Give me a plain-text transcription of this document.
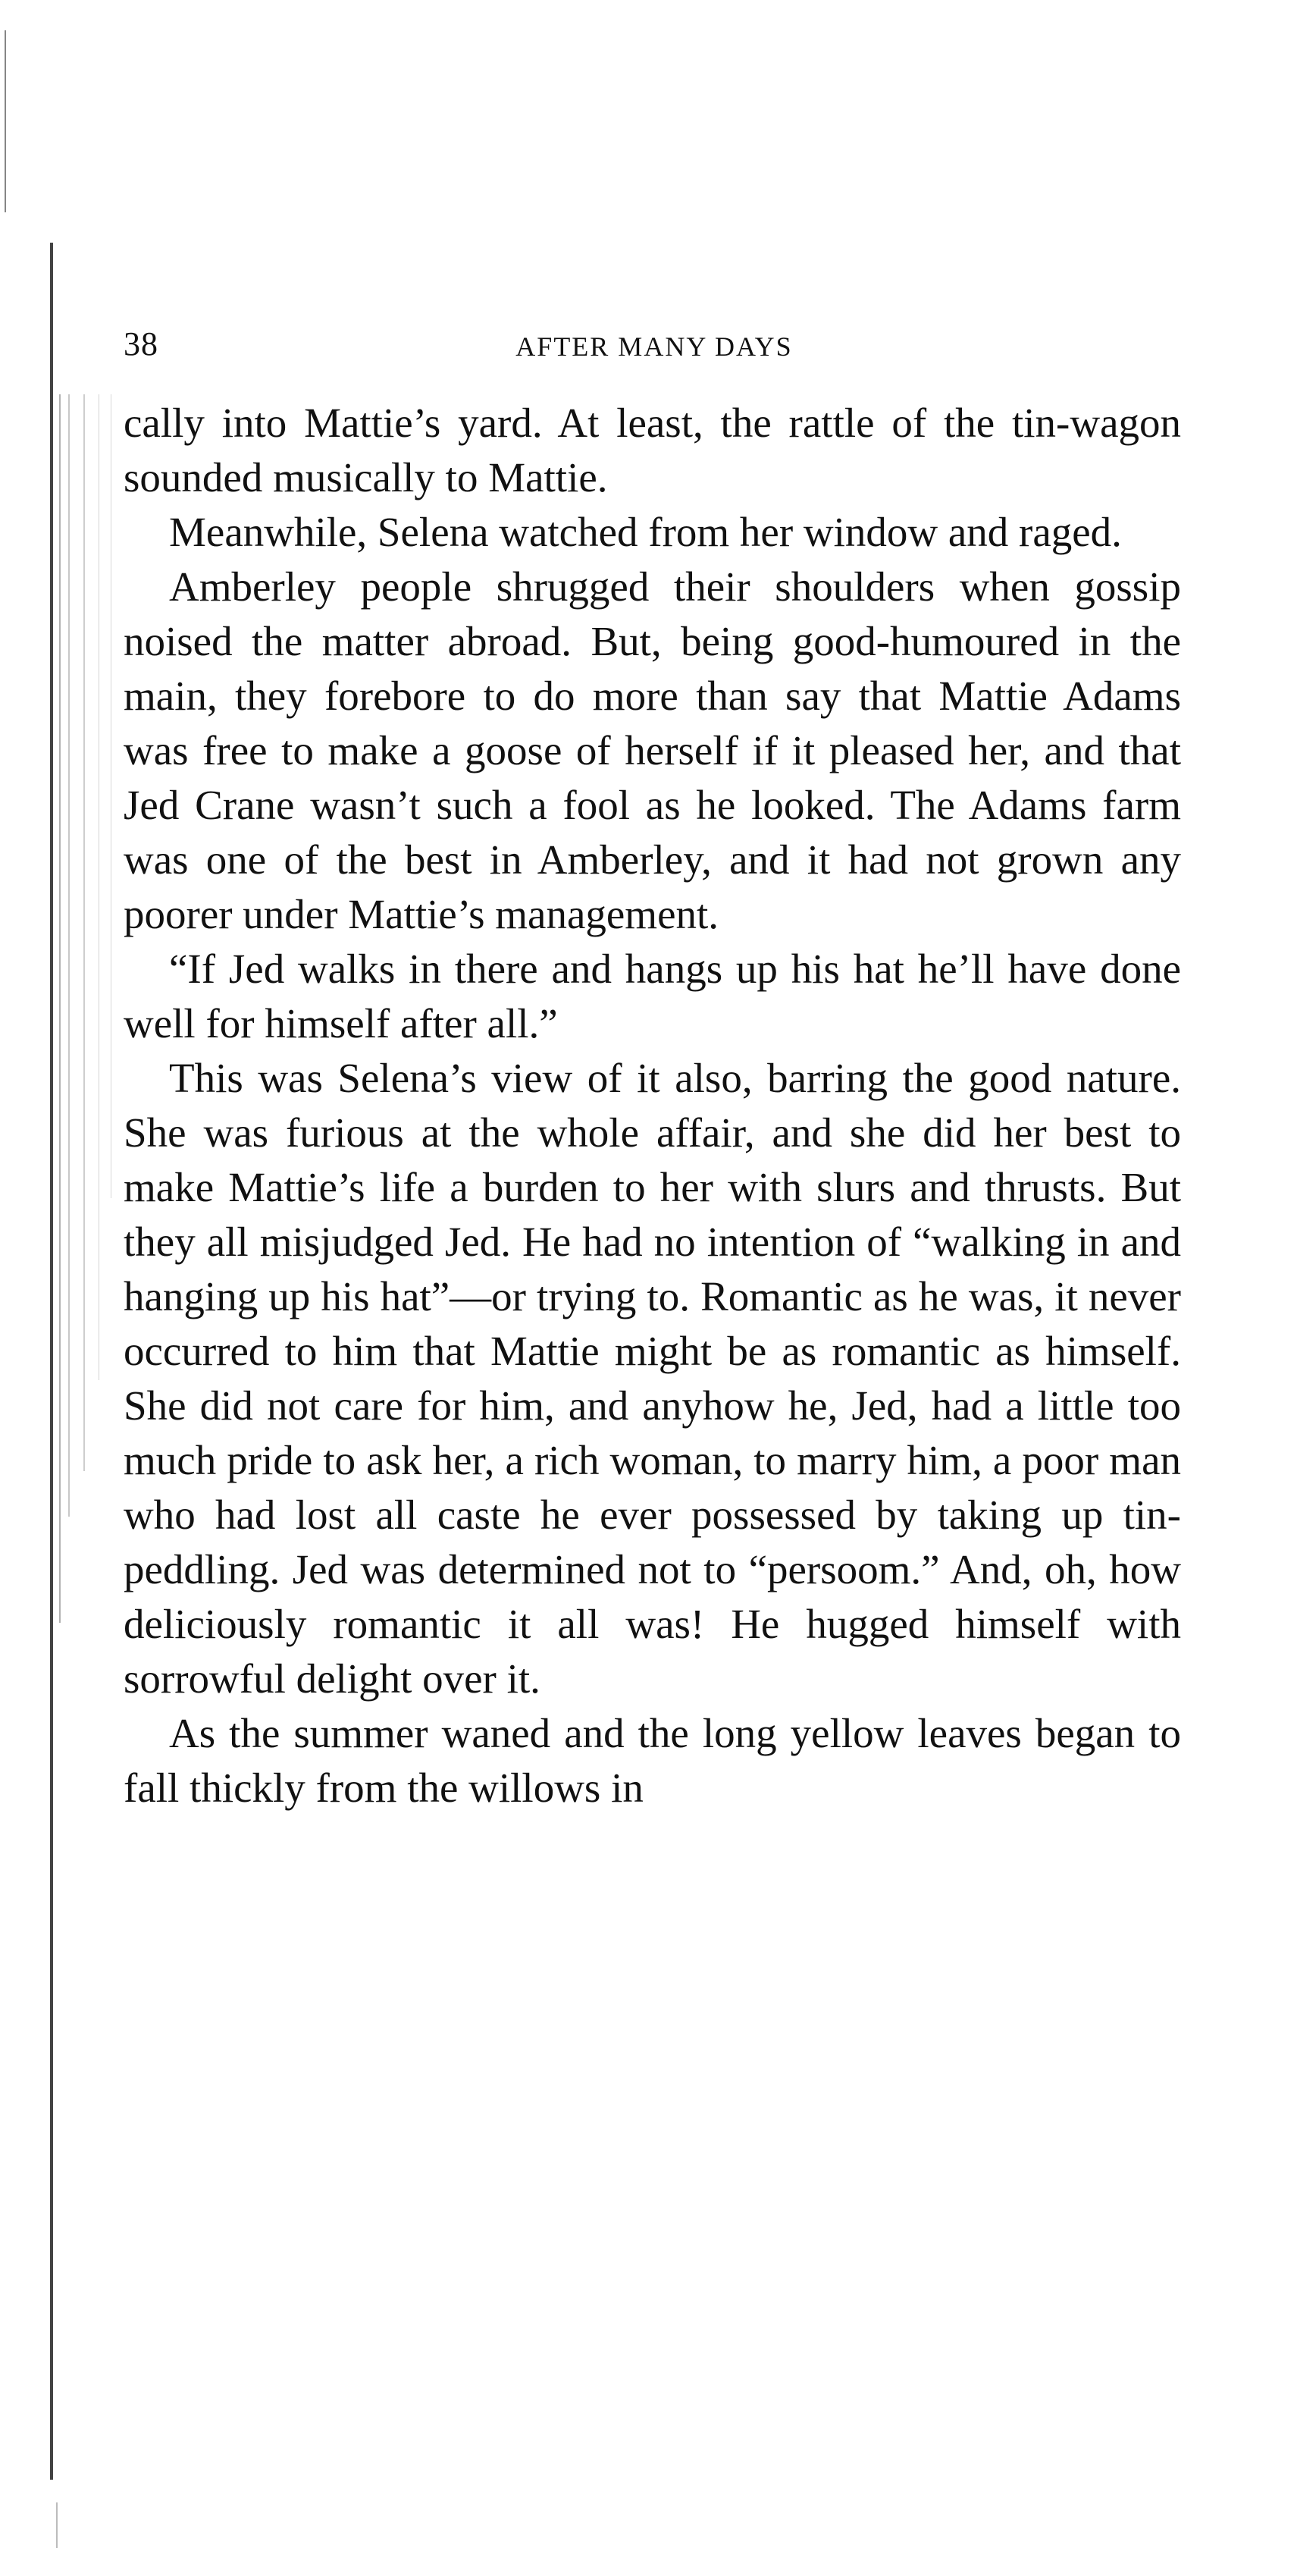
38	AFTER MANY DAYS

cally into Mattie’s yard. At least, the rattle of the tin-wagon sounded musically to Mattie.

Meanwhile, Selena watched from her window and raged.

Amberley people shrugged their shoulders when gossip noised the matter abroad. But, being good-humoured in the main, they forebore to do more than say that Mattie Adams was free to make a goose of herself if it pleased her, and that Jed Crane wasn’t such a fool as he looked. The Adams farm was one of the best in Amberley, and it had not grown any poorer under Mattie’s management.

“If Jed walks in there and hangs up his hat he’ll have done well for himself after all.”

This was Selena’s view of it also, barring the good nature. She was furious at the whole affair, and she did her best to make Mattie’s life a burden to her with slurs and thrusts. But they all misjudged Jed. He had no intention of “walking in and hanging up his hat”—or trying to. Romantic as he was, it never occurred to him that Mattie might be as romantic as himself. She did not care for him, and anyhow he, Jed, had a little too much pride to ask her, a rich woman, to marry him, a poor man who had lost all caste he ever possessed by taking up tin-peddling. Jed was determined not to “persoom.” And, oh, how deliciously romantic it all was! He hugged himself with sorrowful delight over it.

As the summer waned and the long yellow leaves began to fall thickly from the willows in
